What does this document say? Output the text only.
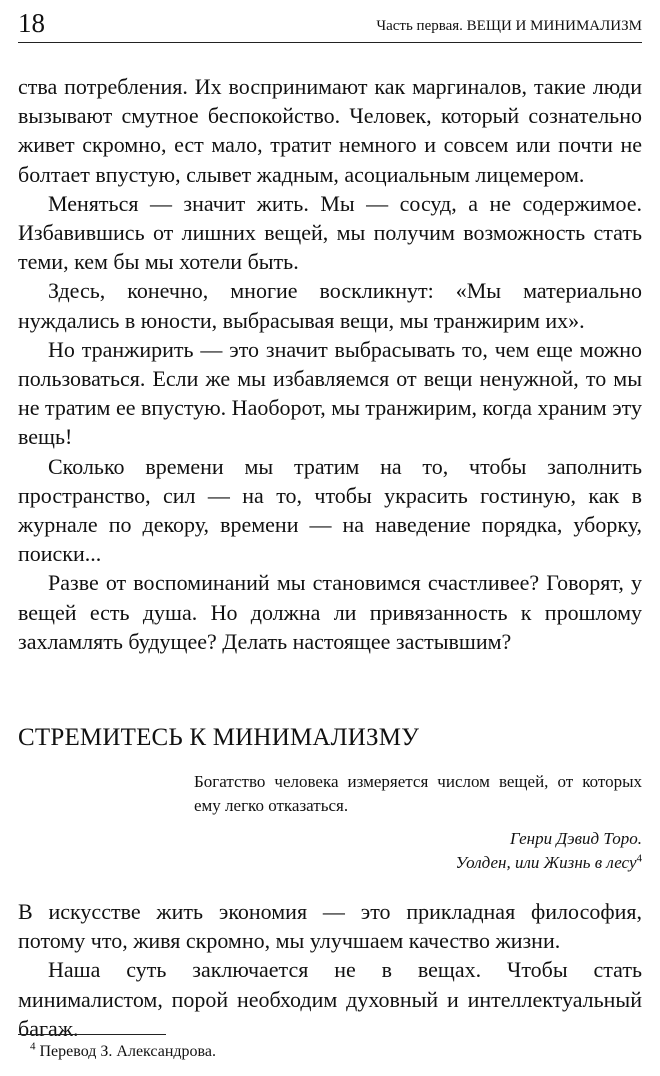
18	Часть первая. ВЕЩИ И МИНИМАЛИЗМ

ства потребления. Их воспринимают как маргиналов, такие люди вызывают смутное беспокойство. Человек, который сознательно живет скромно, ест мало, тратит немного и совсем или почти не болтает впустую, слывет жадным, асоциальным лицемером.

Меняться — значит жить. Мы — сосуд, а не содержимое. Избавившись от лишних вещей, мы получим возможность стать теми, кем бы мы хотели быть.

Здесь, конечно, многие воскликнут: «Мы материально нуждались в юности, выбрасывая вещи, мы транжирим их».

Но транжирить — это значит выбрасывать то, чем еще можно пользоваться. Если же мы избавляемся от вещи ненужной, то мы не тратим ее впустую. Наоборот, мы транжирим, когда храним эту вещь!

Сколько времени мы тратим на то, чтобы заполнить пространство, сил — на то, чтобы украсить гостиную, как в журнале по декору, времени — на наведение порядка, уборку, поиски...

Разве от воспоминаний мы становимся счастливее? Говорят, у вещей есть душа. Но должна ли привязанность к прошлому захламлять будущее? Делать настоящее застывшим?

СТРЕМИТЕСЬ К МИНИМАЛИЗМУ

Богатство человека измеряется числом вещей, от которых ему легко отказаться.

Генри Дэвид Торо.
Уолден, или Жизнь в лесу$^4$

В искусстве жить экономия — это прикладная философия, потому что, живя скромно, мы улучшаем качество жизни.

Наша суть заключается не в вещах. Чтобы стать минималистом, порой необходим духовный и интеллектуальный багаж.

$^4$ Перевод З. Александрова.
